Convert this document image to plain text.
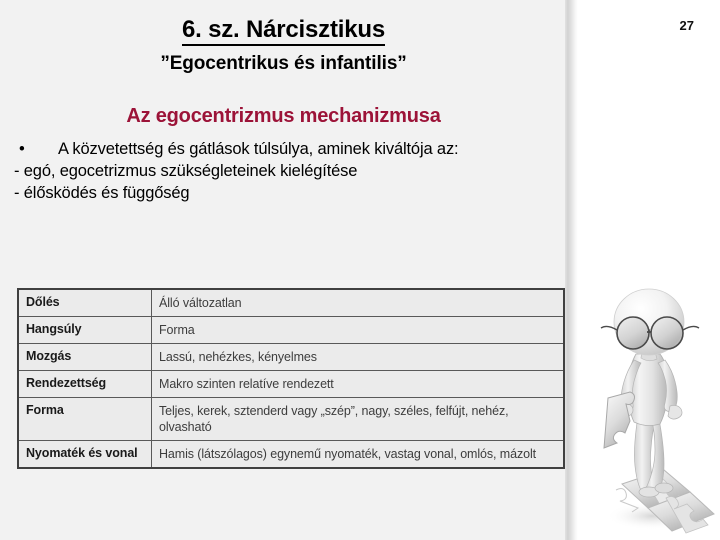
27
6. sz. Nárcisztikus
”Egocentrikus és infantilis”
Az egocentrizmus mechanizmusa
• A közvetettség és gátlások túlsúlya, aminek kiváltója az:
- egó, egocetrizmus szükségleteinek kielégítése
- élősködés és függőség
Dőlés	Álló változatlan
Hangsúly	Forma
Mozgás	Lassú, nehézkes, kényelmes
Rendezettség	Makro szinten relatíve rendezett
Forma	Teljes, kerek, sztenderd vagy „szép”, nagy, széles, felfújt, nehéz, olvasható
Nyomaték és vonal	Hamis (látszólagos) egynemű nyomaték, vastag vonal, omlós, mázolt
